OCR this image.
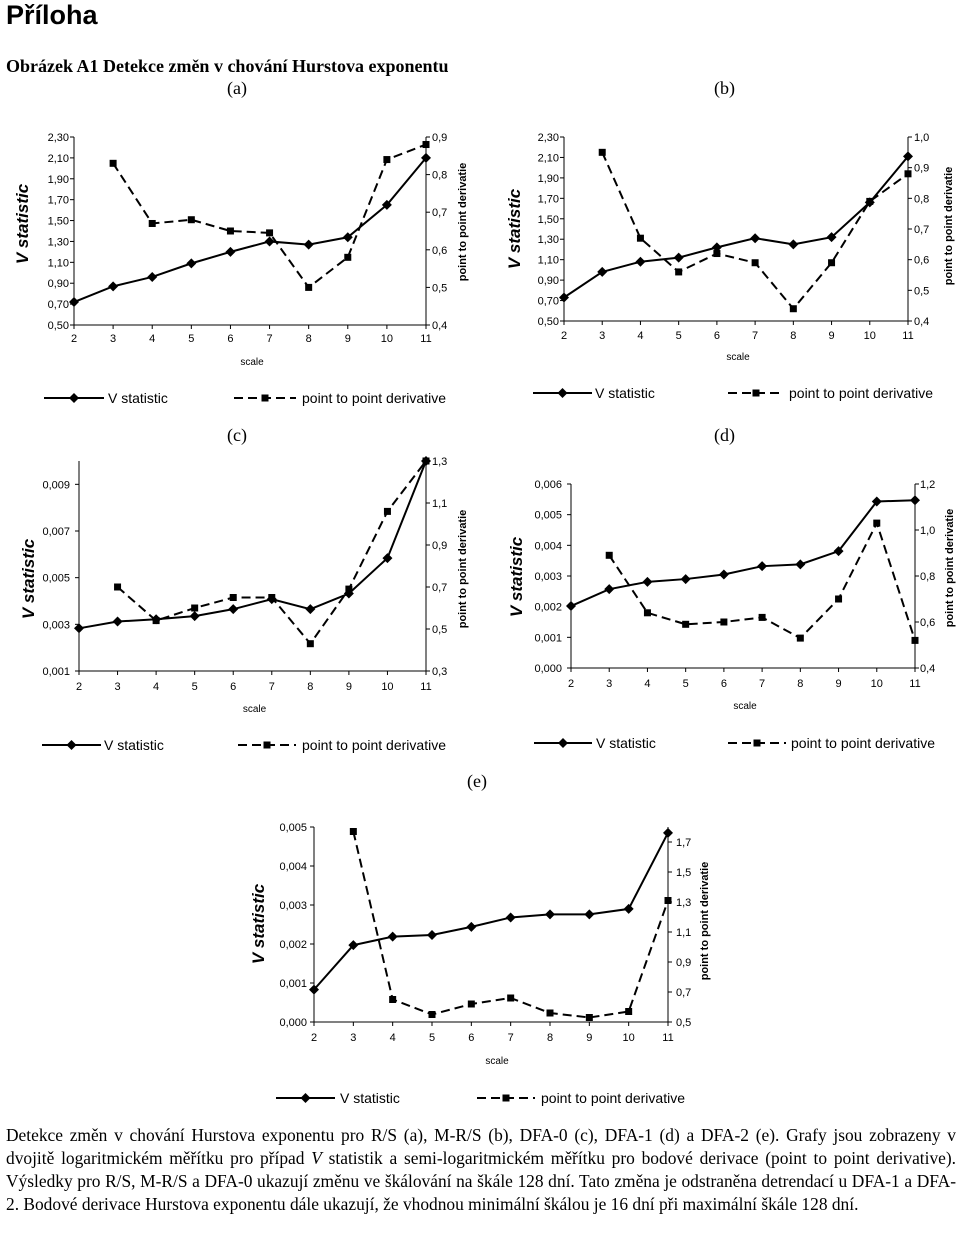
Příloha
Obrázek A1 Detekce změn v chování Hurstova exponentu
(a)	(b)
(c)	(d)
(e)
2	3	4	5	6	7	8	9	10 11
0,50
0,70
0,90
1,10
1,30
1,50
1,70
1,90
2,10
2,30
0,4
0,5
0,6
0,7
0,8
0,9
scale
V statistic	point to point derivatie
V statistic	point to point derivative
2	3	4	5	6	7	8	9	10 11
0,50
0,70
0,90
1,10
1,30
1,50
1,70
1,90
2,10
2,30
0,4
0,5
0,6
0,7
0,8
0,9
1,0
scale
V statistic	point to point derivatie
V statistic	point to point derivative
2	3	4	5	6	7	8	9	10 11
0,001
0,003
0,005
0,007
0,009
0,3
0,5
0,7
0,9
1,1
1,3
scale
V statistic	point to point derivatie
V statistic	point to point derivative
2	3	4	5	6	7	8	9	10 11
0,000
0,001
0,002
0,003
0,004
0,005
0,006
0,4
0,6
0,8
1,0
1,2
scale
V statistic	point to point derivatie
V statistic	point to point derivative
2	3	4	5	6	7	8	9	10 11
0,000
0,001
0,002
0,003
0,004
0,005
0,5
0,7
0,9
1,1
1,3
1,5
1,7
scale
V statistic	point to point derivatie
V statistic	point to point derivative

Detekce změn v chování Hurstova exponentu pro R/S (a), M-R/S (b), DFA-0 (c), DFA-1 (d) a DFA-2 (e). Grafy jsou zobrazeny v dvojitě logaritmickém měřítku pro případ V statistik a semi-logaritmickém měřítku pro bodové derivace (point to point derivative). Výsledky pro R/S, M-R/S a DFA-0 ukazují změnu ve škálování na škále 128 dní. Tato změna je odstraněna detrendací u DFA-1 a DFA-2. Bodové derivace Hurstova exponentu dále ukazují, že vhodnou minimální škálou je 16 dní při maximální škále 128 dní.
